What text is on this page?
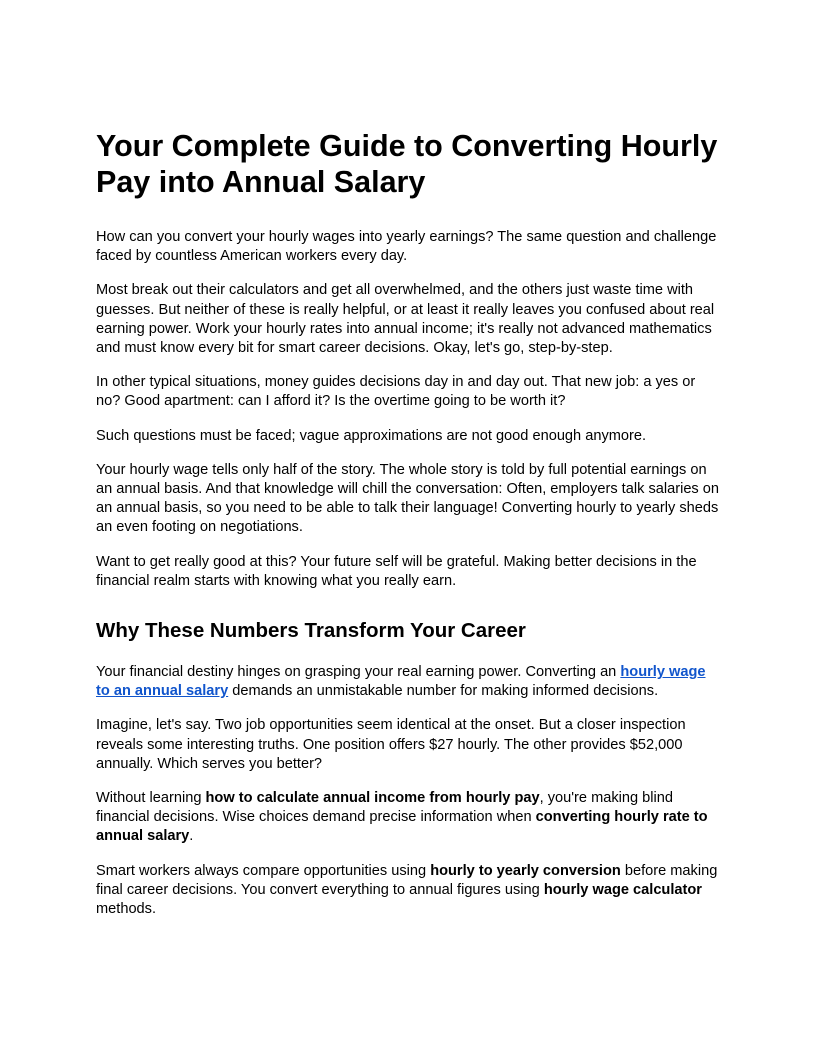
Your Complete Guide to Converting Hourly Pay into Annual Salary

How can you convert your hourly wages into yearly earnings? The same question and challenge faced by countless American workers every day.

Most break out their calculators and get all overwhelmed, and the others just waste time with guesses. But neither of these is really helpful, or at least it really leaves you confused about real earning power. Work your hourly rates into annual income; it's really not advanced mathematics and must know every bit for smart career decisions. Okay, let's go, step-by-step.

In other typical situations, money guides decisions day in and day out. That new job: a yes or no? Good apartment: can I afford it? Is the overtime going to be worth it?

Such questions must be faced; vague approximations are not good enough anymore.

Your hourly wage tells only half of the story. The whole story is told by full potential earnings on an annual basis. And that knowledge will chill the conversation: Often, employers talk salaries on an annual basis, so you need to be able to talk their language! Converting hourly to yearly sheds an even footing on negotiations.

Want to get really good at this? Your future self will be grateful. Making better decisions in the financial realm starts with knowing what you really earn.

Why These Numbers Transform Your Career

Your financial destiny hinges on grasping your real earning power. Converting an hourly wage to an annual salary demands an unmistakable number for making informed decisions.

Imagine, let's say. Two job opportunities seem identical at the onset. But a closer inspection reveals some interesting truths. One position offers $27 hourly. The other provides $52,000 annually. Which serves you better?

Without learning how to calculate annual income from hourly pay, you're making blind financial decisions. Wise choices demand precise information when converting hourly rate to annual salary.

Smart workers always compare opportunities using hourly to yearly conversion before making final career decisions. You convert everything to annual figures using hourly wage calculator methods.
